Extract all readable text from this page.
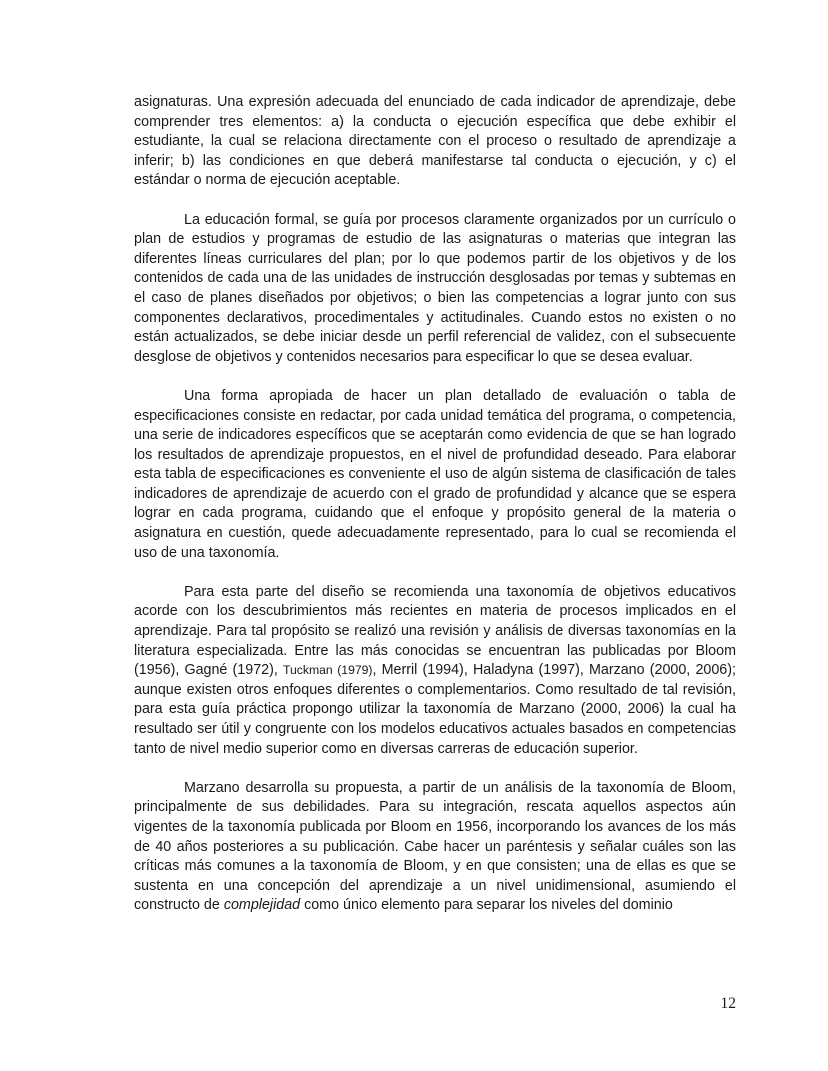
asignaturas. Una expresión adecuada del enunciado de cada indicador de aprendizaje, debe comprender tres elementos: a) la conducta o ejecución específica que debe exhibir el estudiante, la cual se relaciona directamente con el proceso o resultado de aprendizaje a inferir; b) las condiciones en que deberá manifestarse tal conducta o ejecución, y c) el estándar o norma de ejecución aceptable.

La educación formal, se guía por procesos claramente organizados por un currículo o plan de estudios y programas de estudio de las asignaturas o materias que integran las diferentes líneas curriculares del plan; por lo que podemos partir de los objetivos y de los contenidos de cada una de las unidades de instrucción desglosadas por temas y subtemas en el caso de planes diseñados por objetivos; o bien las competencias a lograr junto con sus componentes declarativos, procedimentales y actitudinales. Cuando estos no existen o no están actualizados, se debe iniciar desde un perfil referencial de validez, con el subsecuente desglose de objetivos y contenidos necesarios para especificar lo que se desea evaluar.

Una forma apropiada de hacer un plan detallado de evaluación o tabla de especificaciones consiste en redactar, por cada unidad temática del programa, o competencia, una serie de indicadores específicos que se aceptarán como evidencia de que se han logrado los resultados de aprendizaje propuestos, en el nivel de profundidad deseado. Para elaborar esta tabla de especificaciones es conveniente el uso de algún sistema de clasificación de tales indicadores de aprendizaje de acuerdo con el grado de profundidad y alcance que se espera lograr en cada programa, cuidando que el enfoque y propósito general de la materia o asignatura en cuestión, quede adecuadamente representado, para lo cual se recomienda el uso de una taxonomía.

Para esta parte del diseño se recomienda una taxonomía de objetivos educativos acorde con los descubrimientos más recientes en materia de procesos implicados en el aprendizaje. Para tal propósito se realizó una revisión y análisis de diversas taxonomías en la literatura especializada. Entre las más conocidas se encuentran las publicadas por Bloom (1956), Gagné (1972), Tuckman (1979), Merril (1994), Haladyna (1997), Marzano (2000, 2006); aunque existen otros enfoques diferentes o complementarios. Como resultado de tal revisión, para esta guía práctica propongo utilizar la taxonomía de Marzano (2000, 2006) la cual ha resultado ser útil y congruente con los modelos educativos actuales basados en competencias tanto de nivel medio superior como en diversas carreras de educación superior.

Marzano desarrolla su propuesta, a partir de un análisis de la taxonomía de Bloom, principalmente de sus debilidades. Para su integración, rescata aquellos aspectos aún vigentes de la taxonomía publicada por Bloom en 1956, incorporando los avances de los más de 40 años posteriores a su publicación. Cabe hacer un paréntesis y señalar cuáles son las críticas más comunes a la taxonomía de Bloom, y en que consisten; una de ellas es que se sustenta en una concepción del aprendizaje a un nivel unidimensional, asumiendo el constructo de complejidad como único elemento para separar los niveles del dominio

12
